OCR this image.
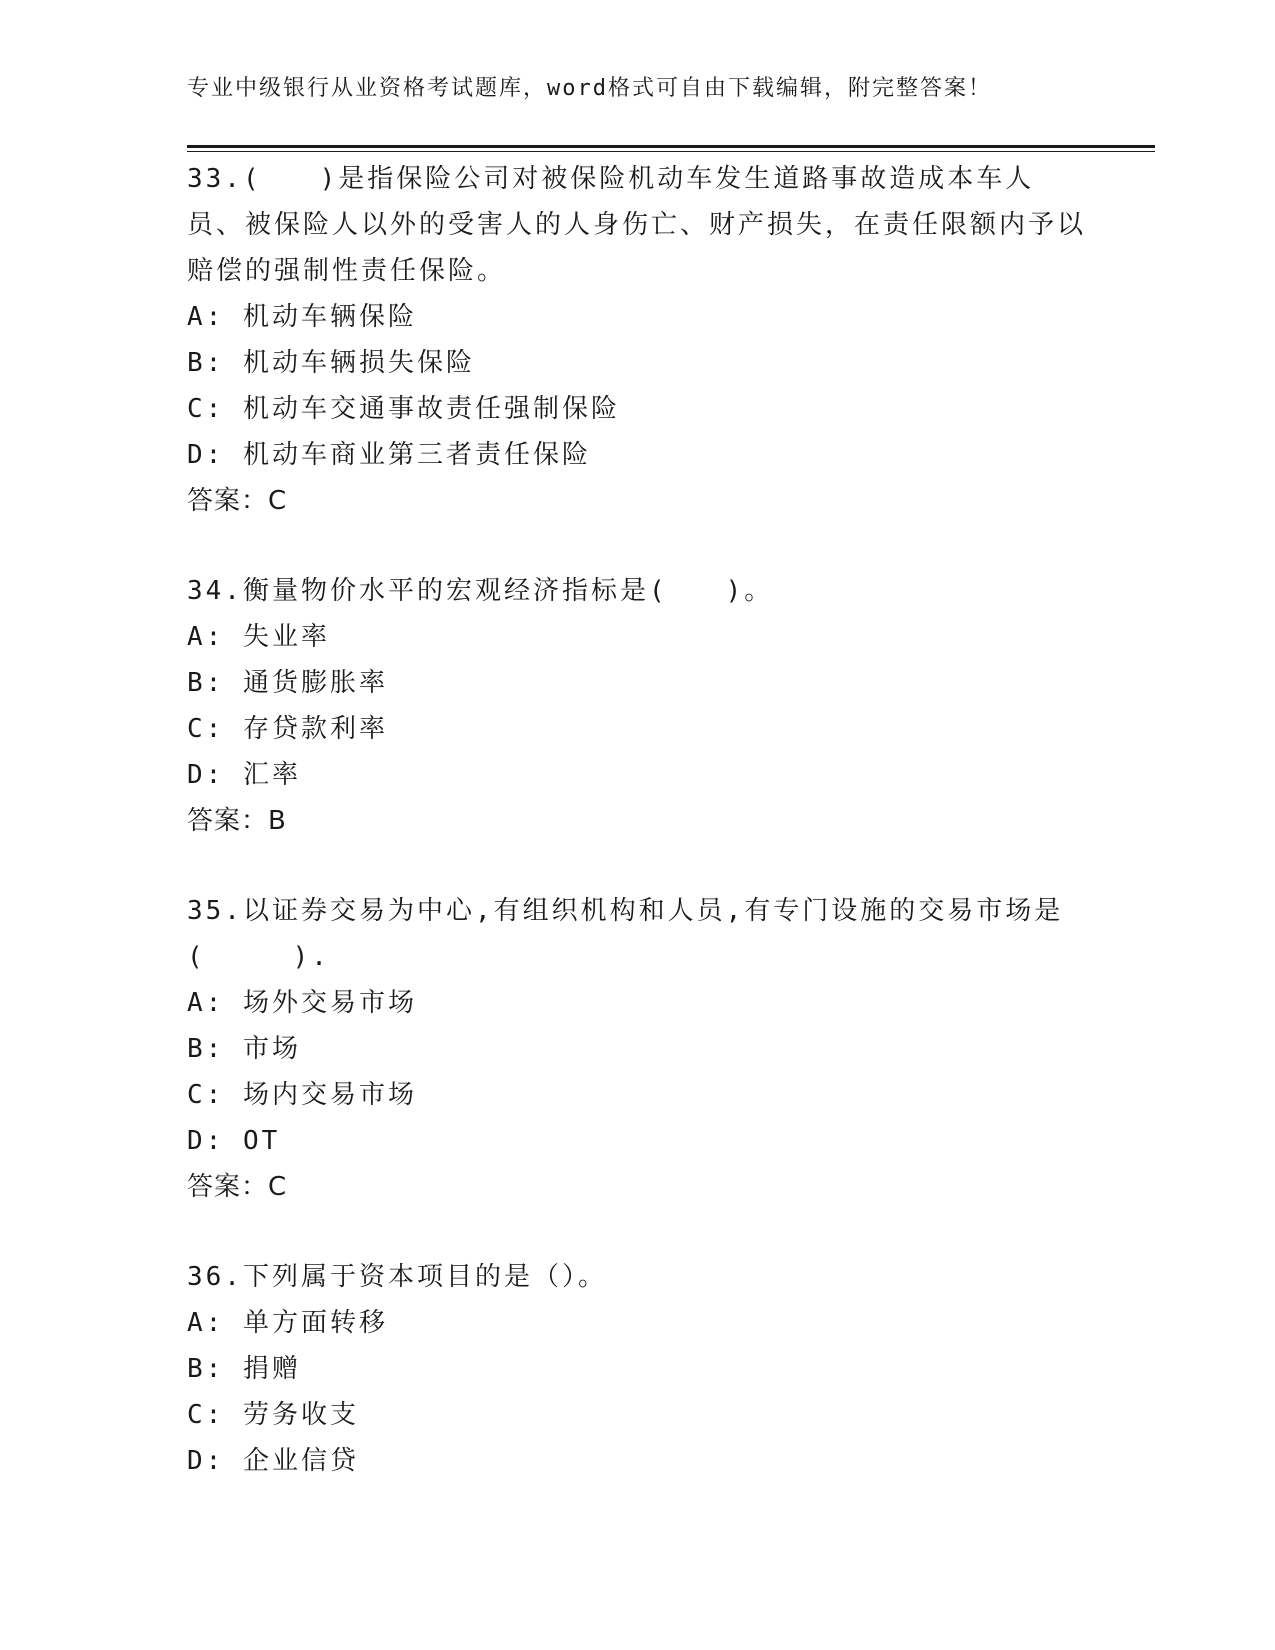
专业中级银行从业资格考试题库，word格式可自由下载编辑，附完整答案！

33.(　　)是指保险公司对被保险机动车发生道路事故造成本车人员、被保险人以外的受害人的人身伤亡、财产损失，在责任限额内予以赔偿的强制性责任保险。

A: 机动车辆保险

B: 机动车辆损失保险

C: 机动车交通事故责任强制保险

D: 机动车商业第三者责任保险

答案：C

34.衡量物价水平的宏观经济指标是(　　)。

A: 失业率

B: 通货膨胀率

C: 存贷款利率

D: 汇率

答案：B

35.以证券交易为中心,有组织机构和人员,有专门设施的交易市场是(　　　).

A: 场外交易市场

B: 市场

C: 场内交易市场

D: OT

答案：C

36.下列属于资本项目的是（）。

A: 单方面转移

B: 捐赠

C: 劳务收支

D: 企业信贷
